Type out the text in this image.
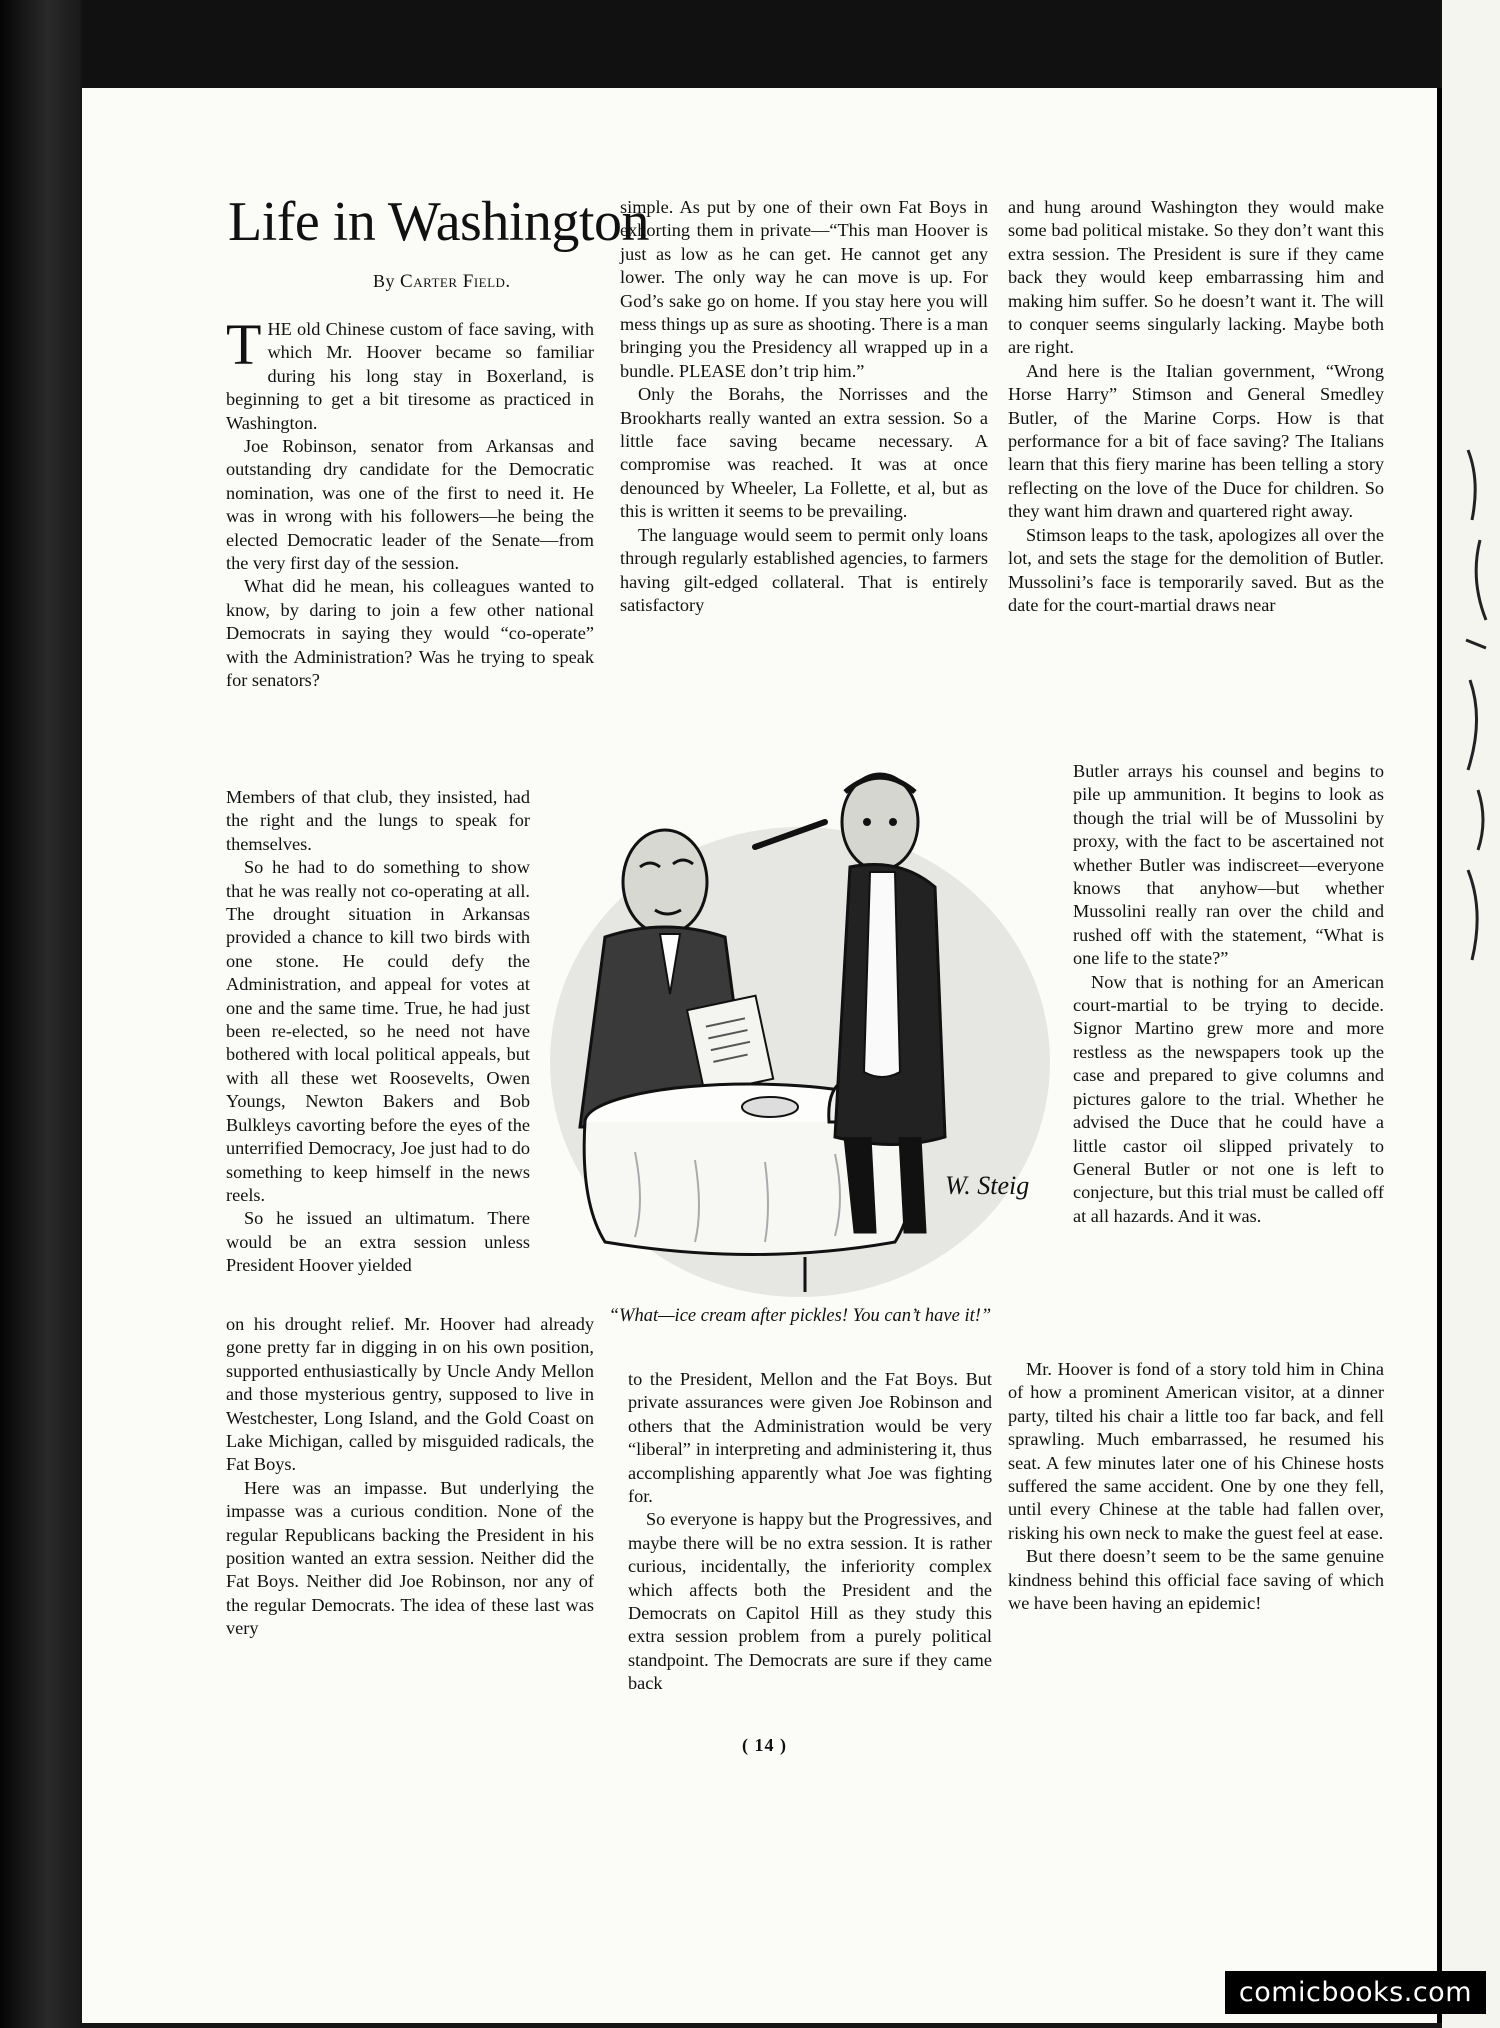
Life in Washington
By Carter Field.

THE old Chinese custom of face saving, with which Mr. Hoover became so familiar during his long stay in Boxerland, is beginning to get a bit tiresome as practiced in Washington.

Joe Robinson, senator from Arkansas and outstanding dry candidate for the Democratic nomination, was one of the first to need it. He was in wrong with his followers—he being the elected Democratic leader of the Senate—from the very first day of the session.

What did he mean, his colleagues wanted to know, by daring to join a few other national Democrats in saying they would “co-operate” with the Administration? Was he trying to speak for senators?

Members of that club, they insisted, had the right and the lungs to speak for themselves.

So he had to do something to show that he was really not co-operating at all. The drought situation in Arkansas provided a chance to kill two birds with one stone. He could defy the Administration, and appeal for votes at one and the same time. True, he had just been re-elected, so he need not have bothered with local political appeals, but with all these wet Roosevelts, Owen Youngs, Newton Bakers and Bob Bulkleys cavorting before the eyes of the unterrified Democracy, Joe just had to do something to keep himself in the news reels.

So he issued an ultimatum. There would be an extra session unless President Hoover yielded

on his drought relief. Mr. Hoover had already gone pretty far in digging in on his own position, supported enthusiastically by Uncle Andy Mellon and those mysterious gentry, supposed to live in Westchester, Long Island, and the Gold Coast on Lake Michigan, called by misguided radicals, the Fat Boys.

Here was an impasse. But underlying the impasse was a curious condition. None of the regular Republicans backing the President in his position wanted an extra session. Neither did the Fat Boys. Neither did Joe Robinson, nor any of the regular Democrats. The idea of these last was very

simple. As put by one of their own Fat Boys in exhorting them in private—“This man Hoover is just as low as he can get. He cannot get any lower. The only way he can move is up. For God’s sake go on home. If you stay here you will mess things up as sure as shooting. There is a man bringing you the Presidency all wrapped up in a bundle. PLEASE don’t trip him.”

Only the Borahs, the Norrisses and the Brookharts really wanted an extra session. So a little face saving became necessary. A compromise was reached. It was at once denounced by Wheeler, La Follette, et al, but as this is written it seems to be prevailing.

The language would seem to permit only loans through regularly established agencies, to farmers having gilt-edged collateral. That is entirely satisfactory

to the President, Mellon and the Fat Boys. But private assurances were given Joe Robinson and others that the Administration would be very “liberal” in interpreting and administering it, thus accomplishing apparently what Joe was fighting for.

So everyone is happy but the Progressives, and maybe there will be no extra session. It is rather curious, incidentally, the inferiority complex which affects both the President and the Democrats on Capitol Hill as they study this extra session problem from a purely political standpoint. The Democrats are sure if they came back

and hung around Washington they would make some bad political mistake. So they don’t want this extra session. The President is sure if they came back they would keep embarrassing him and making him suffer. So he doesn’t want it. The will to conquer seems singularly lacking. Maybe both are right.

And here is the Italian government, “Wrong Horse Harry” Stimson and General Smedley Butler, of the Marine Corps. How is that performance for a bit of face saving? The Italians learn that this fiery marine has been telling a story reflecting on the love of the Duce for children. So they want him drawn and quartered right away.

Stimson leaps to the task, apologizes all over the lot, and sets the stage for the demolition of Butler. Mussolini’s face is temporarily saved. But as the date for the court-martial draws near

Butler arrays his counsel and begins to pile up ammunition. It begins to look as though the trial will be of Mussolini by proxy, with the fact to be ascertained not whether Butler was indiscreet—everyone knows that anyhow—but whether Mussolini really ran over the child and rushed off with the statement, “What is one life to the state?”

Now that is nothing for an American court-martial to be trying to decide. Signor Martino grew more and more restless as the newspapers took up the case and prepared to give columns and pictures galore to the trial. Whether he advised the Duce that he could have a little castor oil slipped privately to General Butler or not one is left to conjecture, but this trial must be called off at all hazards. And it was.

Mr. Hoover is fond of a story told him in China of how a prominent American visitor, at a dinner party, tilted his chair a little too far back, and fell sprawling. Much embarrassed, he resumed his seat. A few minutes later one of his Chinese hosts suffered the same accident. One by one they fell, until every Chinese at the table had fallen over, risking his own neck to make the guest feel at ease.

But there doesn’t seem to be the same genuine kindness behind this official face saving of which we have been having an epidemic!

W. Steig
“What—ice cream after pickles! You can’t have it!”
( 14 )
comicbooks.com
